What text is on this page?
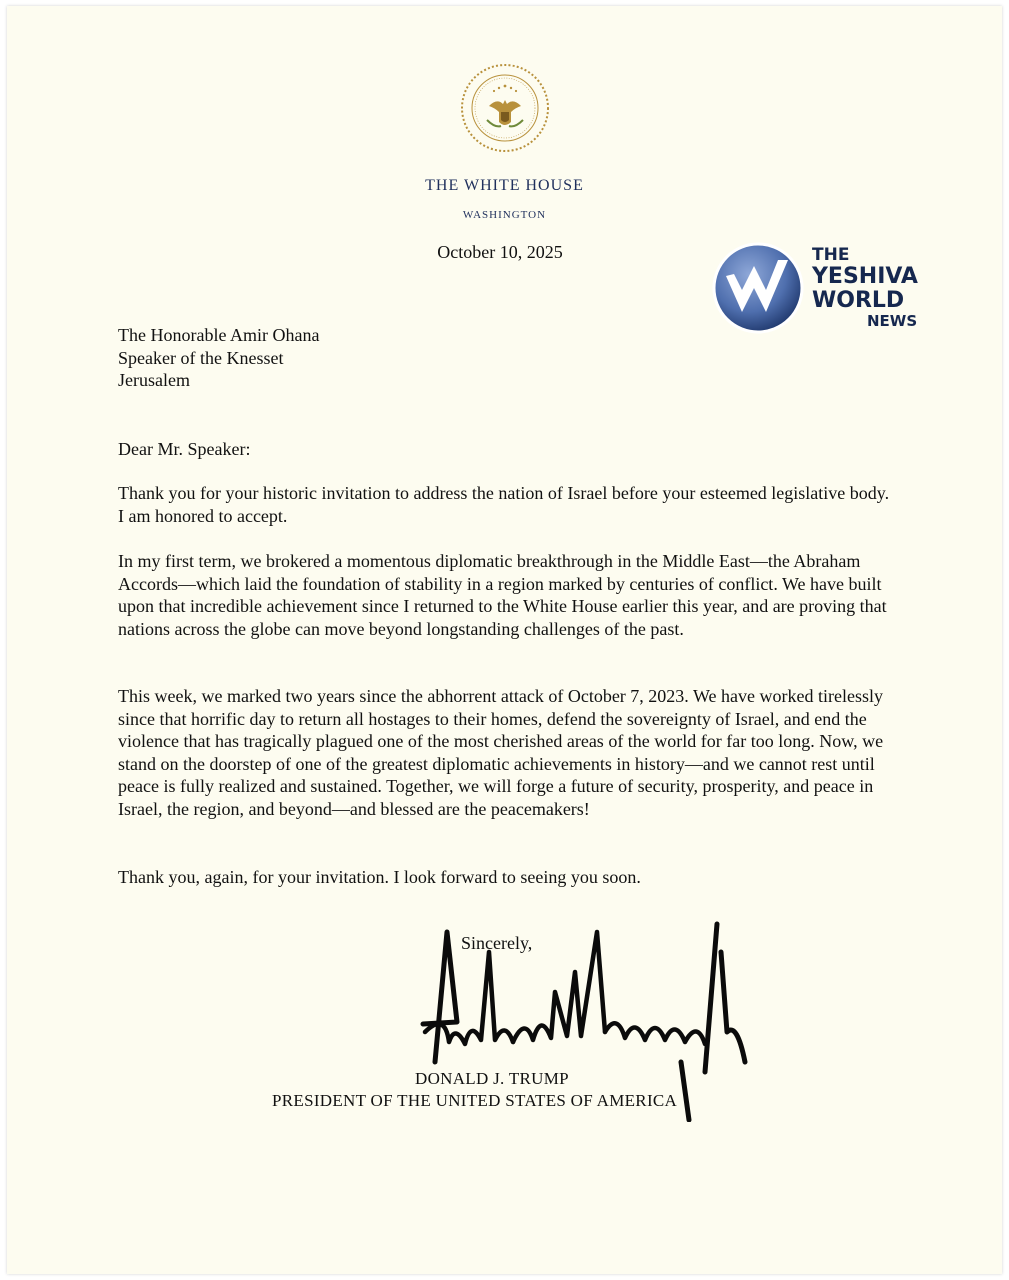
THE WHITE HOUSE
WASHINGTON
October 10, 2025	THE
YESHIVA
WORLD
NEWS
The Honorable Amir Ohana
Speaker of the Knesset
Jerusalem
Dear Mr. Speaker:

Thank you for your historic invitation to address the nation of Israel before your esteemed legislative body. I am honored to accept.

In my first term, we brokered a momentous diplomatic breakthrough in the Middle East—the Abraham Accords—which laid the foundation of stability in a region marked by centuries of conflict. We have built upon that incredible achievement since I returned to the White House earlier this year, and are proving that nations across the globe can move beyond longstanding challenges of the past.

This week, we marked two years since the abhorrent attack of October 7, 2023. We have worked tirelessly since that horrific day to return all hostages to their homes, defend the sovereignty of Israel, and end the violence that has tragically plagued one of the most cherished areas of the world for far too long. Now, we stand on the doorstep of one of the greatest diplomatic achievements in history—and we cannot rest until peace is fully realized and sustained. Together, we will forge a future of security, prosperity, and peace in Israel, the region, and beyond—and blessed are the peacemakers!

Thank you, again, for your invitation. I look forward to seeing you soon.

Sincerely,
DONALD J. TRUMP
PRESIDENT OF THE UNITED STATES OF AMERICA
